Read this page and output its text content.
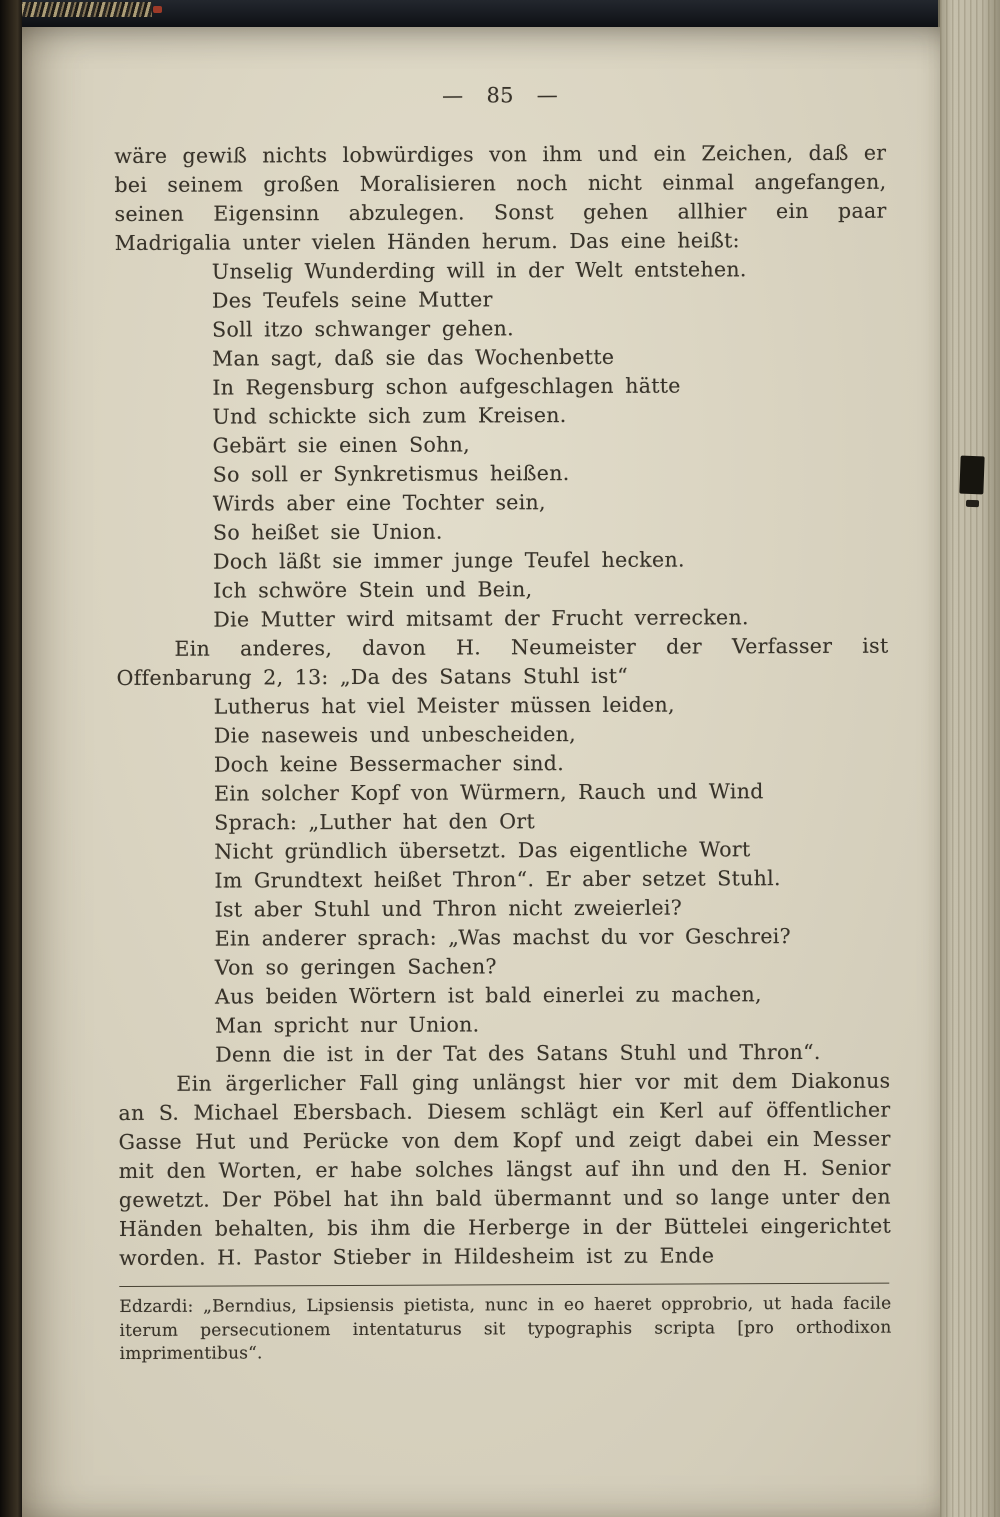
— 85 —

wäre gewiß nichts lobwürdiges von ihm und ein Zeichen, daß er bei seinem großen Moralisieren noch nicht einmal angefangen, seinen Eigensinn abzulegen. Sonst gehen allhier ein paar Madrigalia unter vielen Händen herum. Das eine heißt:

Unselig Wunderding will in der Welt entstehen.
Des Teufels seine Mutter
Soll itzo schwanger gehen.
Man sagt, daß sie das Wochenbette
In Regensburg schon aufgeschlagen hätte
Und schickte sich zum Kreisen.
Gebärt sie einen Sohn,
So soll er Synkretismus heißen.
Wirds aber eine Tochter sein,
So heißet sie Union.
Doch läßt sie immer junge Teufel hecken.
Ich schwöre Stein und Bein,
Die Mutter wird mitsamt der Frucht verrecken.

Ein anderes, davon H. Neumeister der Verfasser ist Offenbarung 2, 13: „Da des Satans Stuhl ist“

Lutherus hat viel Meister müssen leiden,
Die naseweis und unbescheiden,
Doch keine Bessermacher sind.
Ein solcher Kopf von Würmern, Rauch und Wind
Sprach: „Luther hat den Ort
Nicht gründlich übersetzt. Das eigentliche Wort
Im Grundtext heißet Thron“. Er aber setzet Stuhl.
Ist aber Stuhl und Thron nicht zweierlei?
Ein anderer sprach: „Was machst du vor Geschrei?
Von so geringen Sachen?
Aus beiden Wörtern ist bald einerlei zu machen,
Man spricht nur Union.
Denn die ist in der Tat des Satans Stuhl und Thron“.

Ein ärgerlicher Fall ging unlängst hier vor mit dem Diakonus an S. Michael Ebersbach. Diesem schlägt ein Kerl auf öffentlicher Gasse Hut und Perücke von dem Kopf und zeigt dabei ein Messer mit den Worten, er habe solches längst auf ihn und den H. Senior gewetzt. Der Pöbel hat ihn bald übermannt und so lange unter den Händen behalten, bis ihm die Herberge in der Büttelei eingerichtet worden. H. Pastor Stieber in Hildesheim ist zu Ende

Edzardi: „Berndius, Lipsiensis pietista, nunc in eo haeret opprobrio, ut hada facile iterum persecutionem intentaturus sit typographis scripta [pro orthodixon imprimentibus“.
